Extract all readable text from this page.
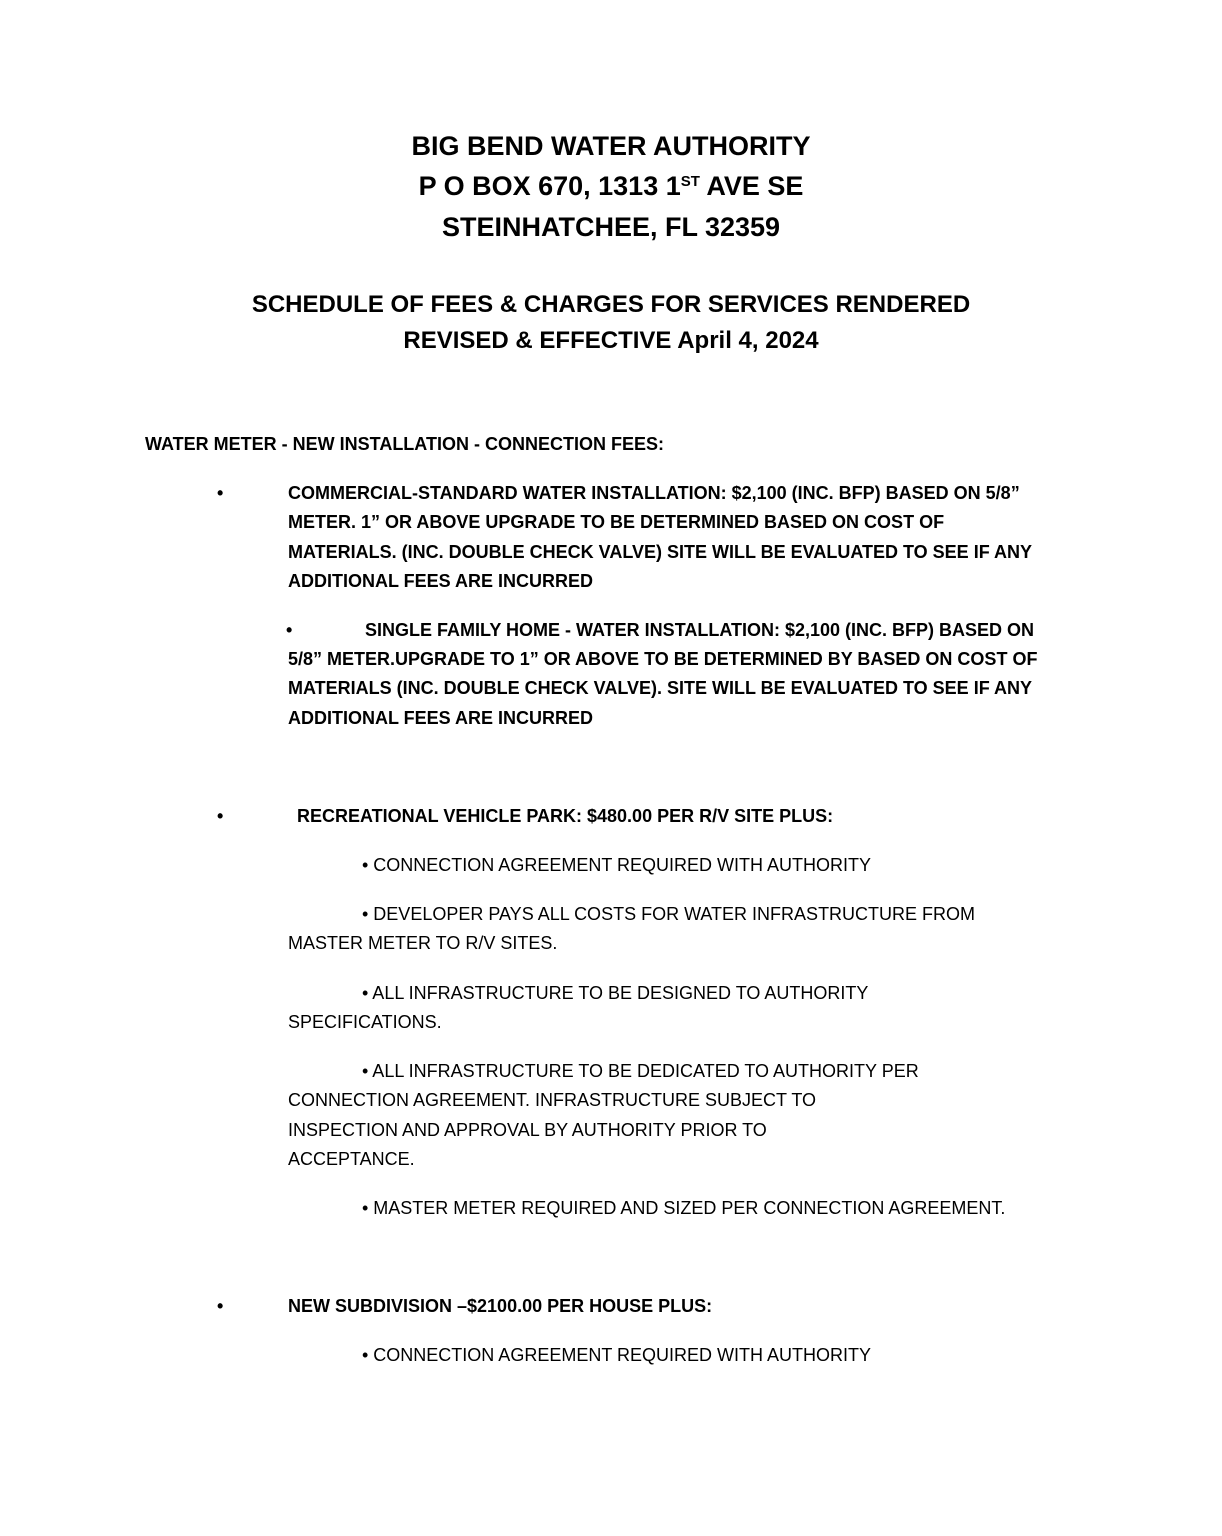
BIG BEND WATER AUTHORITY
P O BOX 670, 1313 1ST AVE SE
STEINHATCHEE, FL 32359
SCHEDULE OF FEES & CHARGES FOR SERVICES RENDERED
REVISED & EFFECTIVE April 4, 2024
WATER METER - NEW INSTALLATION - CONNECTION FEES:
•	COMMERCIAL-STANDARD WATER INSTALLATION: $2,100 (INC. BFP) BASED ON 5/8”
METER. 1” OR ABOVE UPGRADE TO BE DETERMINED BASED ON COST OF
MATERIALS. (INC. DOUBLE CHECK VALVE) SITE WILL BE EVALUATED TO SEE IF ANY
ADDITIONAL FEES ARE INCURRED
•	SINGLE FAMILY HOME - WATER INSTALLATION: $2,100 (INC. BFP) BASED ON
5/8” METER.UPGRADE TO 1” OR ABOVE TO BE DETERMINED BY BASED ON COST OF
MATERIALS (INC. DOUBLE CHECK VALVE). SITE WILL BE EVALUATED TO SEE IF ANY
ADDITIONAL FEES ARE INCURRED
•	RECREATIONAL VEHICLE PARK: $480.00 PER R/V SITE PLUS:
• CONNECTION AGREEMENT REQUIRED WITH AUTHORITY
• DEVELOPER PAYS ALL COSTS FOR WATER INFRASTRUCTURE FROM
MASTER METER TO R/V SITES.
• ALL INFRASTRUCTURE TO BE DESIGNED TO AUTHORITY
SPECIFICATIONS.
• ALL INFRASTRUCTURE TO BE DEDICATED TO AUTHORITY PER
CONNECTION AGREEMENT. INFRASTRUCTURE SUBJECT TO
INSPECTION AND APPROVAL BY AUTHORITY PRIOR TO
ACCEPTANCE.
• MASTER METER REQUIRED AND SIZED PER CONNECTION AGREEMENT.
•	NEW SUBDIVISION –$2100.00 PER HOUSE PLUS:
• CONNECTION AGREEMENT REQUIRED WITH AUTHORITY
